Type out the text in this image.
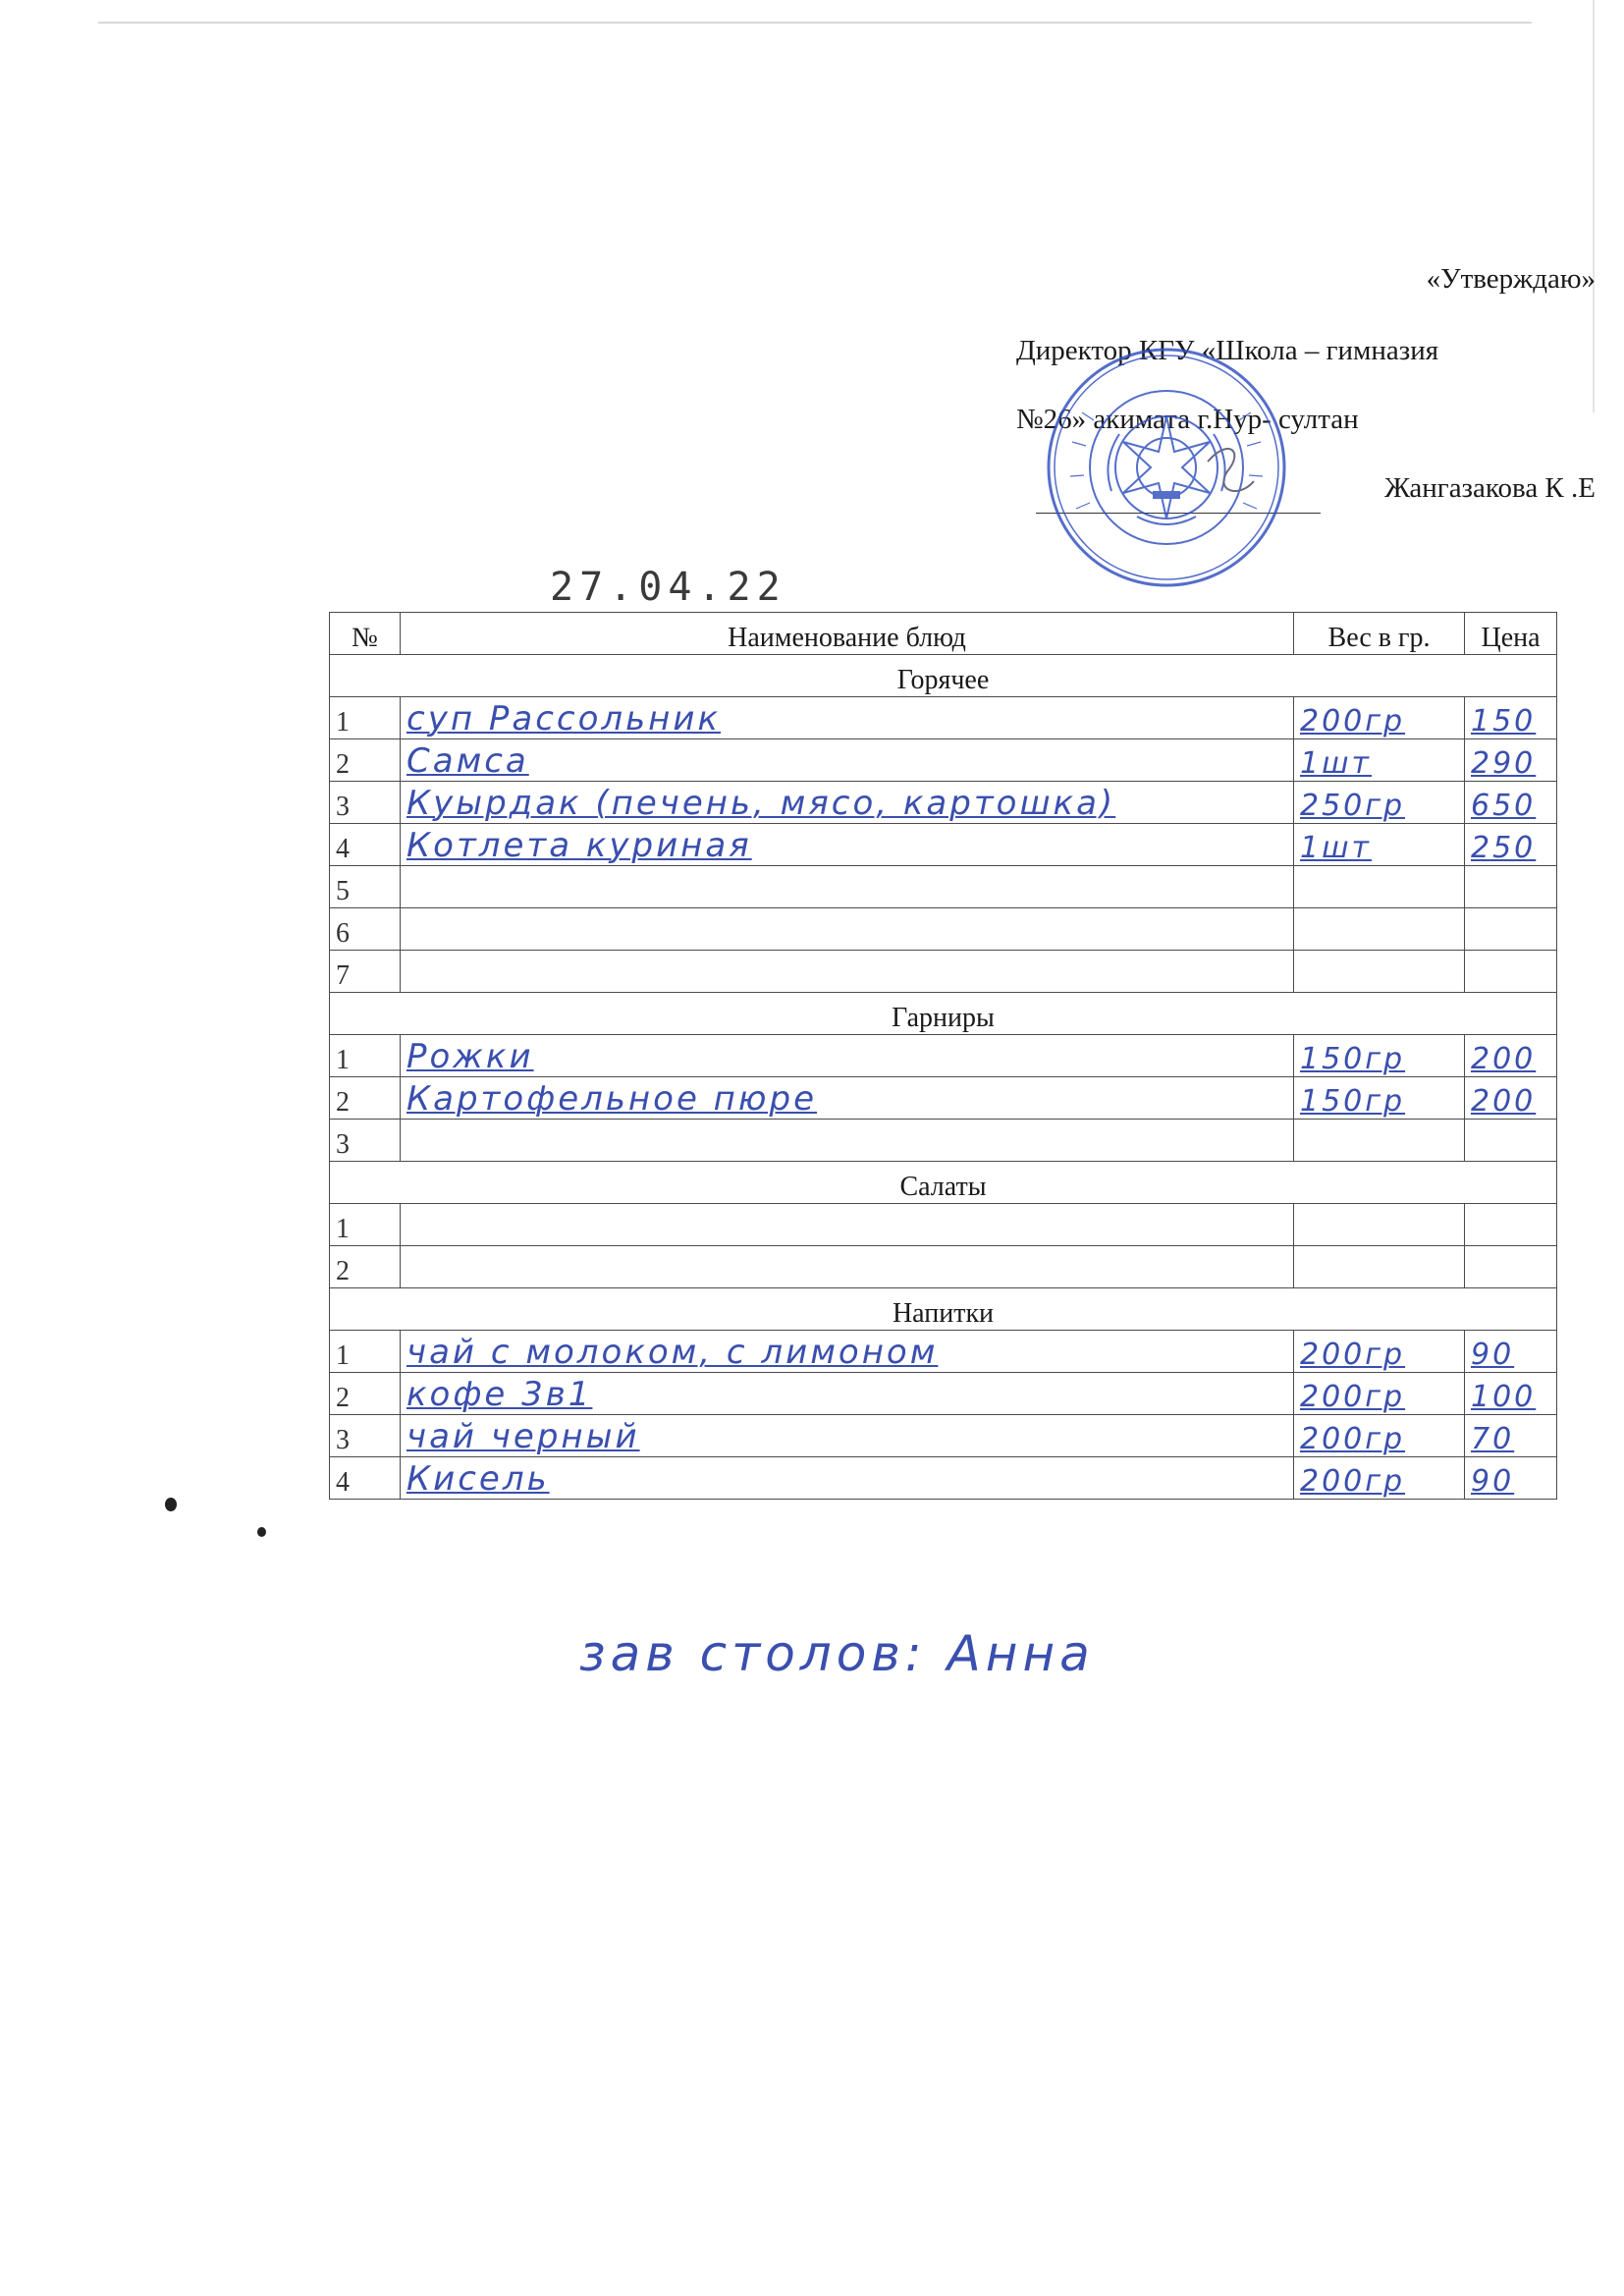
«Утверждаю»
Директор КГУ «Школа – гимназия
№26» акимата г.Нур- султан
Жангазакова К .Е
27.04.22
№	Наименование блюд	Вес в гр.	Цена
Горячее			
1	суп Рассольник	200гр	150
2	Самса	1шт	290
3	Куырдак (печень, мясо, картошка)	250гр	650
4	Котлета куриная	1шт	250
5			
6			
7			
Гарниры			
1	Рожки	150гр	200
2	Картофельное пюре	150гр	200
3			
Салаты			
1			
2			
Напитки			
1	чай с молоком, с лимоном	200гр	90
2	кофе 3в1	200гр	100
3	чай черный	200гр	70
4	Кисель	200гр	90
зав столов: Анна
